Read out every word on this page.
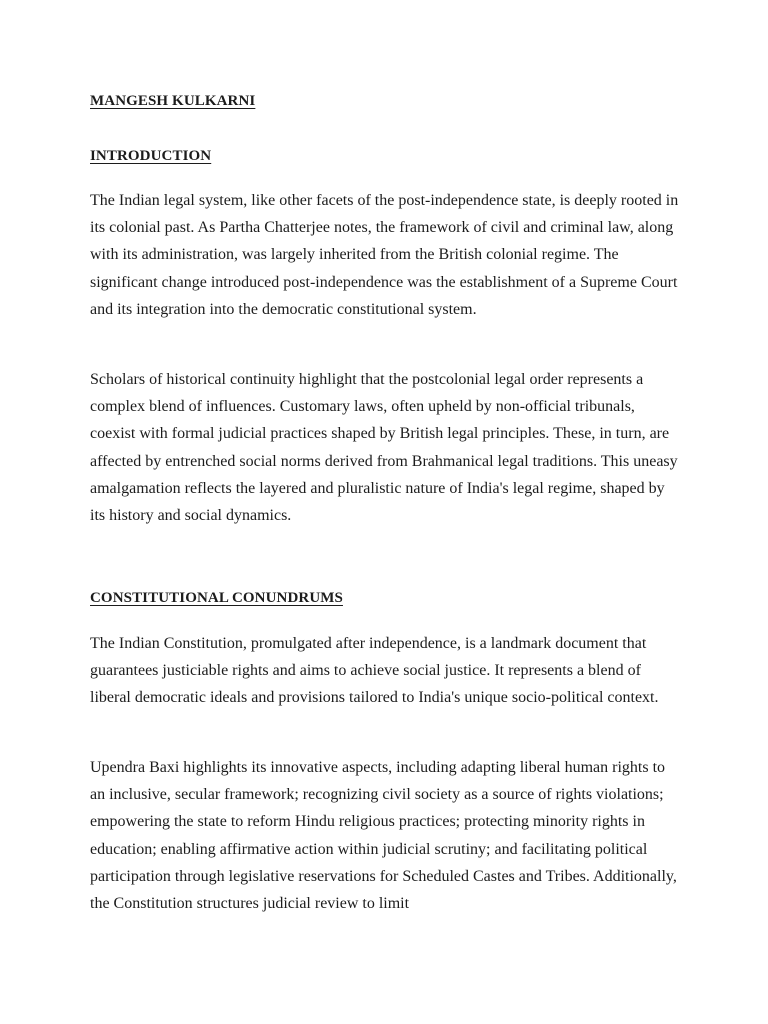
MANGESH KULKARNI
INTRODUCTION

The Indian legal system, like other facets of the post-independence state, is deeply rooted in its colonial past. As Partha Chatterjee notes, the framework of civil and criminal law, along with its administration, was largely inherited from the British colonial regime. The significant change introduced post-independence was the establishment of a Supreme Court and its integration into the democratic constitutional system.

Scholars of historical continuity highlight that the postcolonial legal order represents a complex blend of influences. Customary laws, often upheld by non-official tribunals, coexist with formal judicial practices shaped by British legal principles. These, in turn, are affected by entrenched social norms derived from Brahmanical legal traditions. This uneasy amalgamation reflects the layered and pluralistic nature of India's legal regime, shaped by its history and social dynamics.

CONSTITUTIONAL CONUNDRUMS

The Indian Constitution, promulgated after independence, is a landmark document that guarantees justiciable rights and aims to achieve social justice. It represents a blend of liberal democratic ideals and provisions tailored to India's unique socio-political context.

Upendra Baxi highlights its innovative aspects, including adapting liberal human rights to an inclusive, secular framework; recognizing civil society as a source of rights violations; empowering the state to reform Hindu religious practices; protecting minority rights in education; enabling affirmative action within judicial scrutiny; and facilitating political participation through legislative reservations for Scheduled Castes and Tribes. Additionally, the Constitution structures judicial review to limit
